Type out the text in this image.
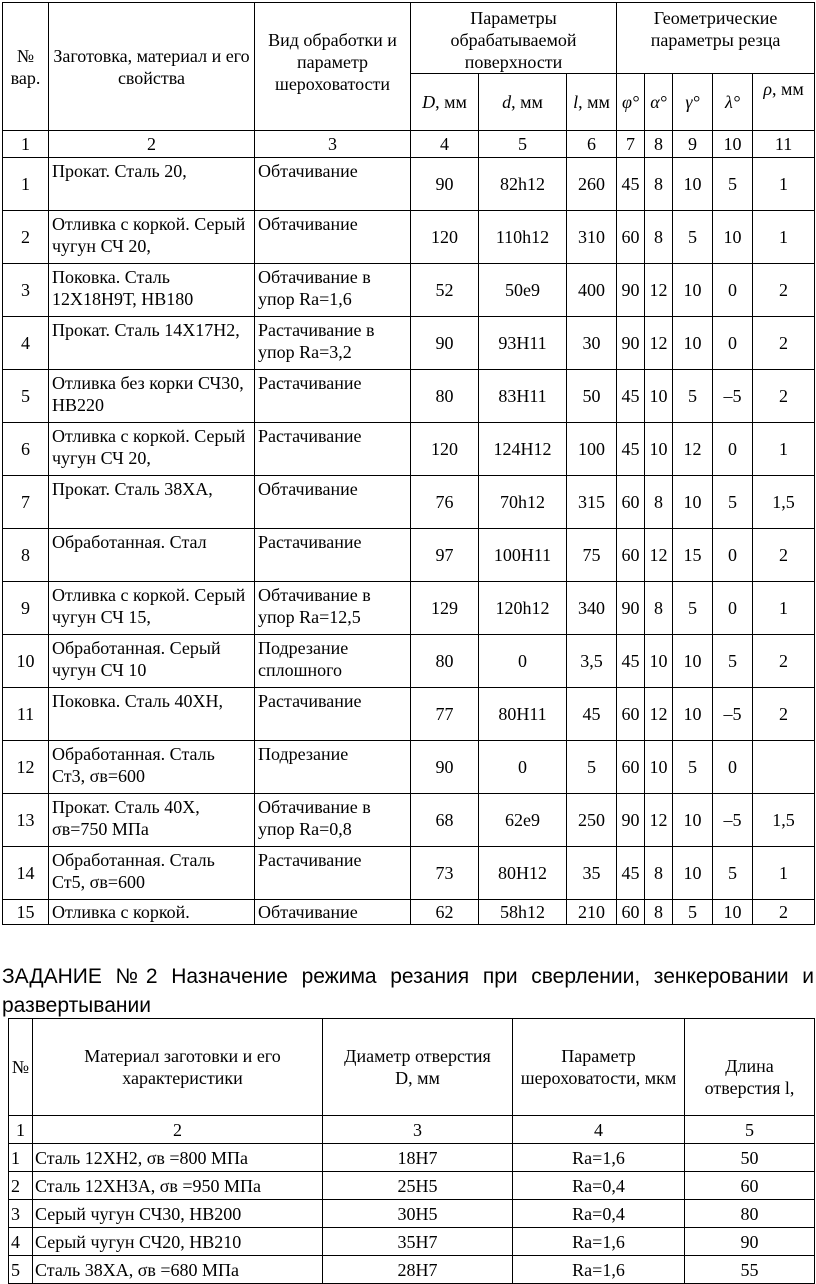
№ вар.	Заготовка, материал и его свойства	Вид обработки и параметр шероховатости	Параметры обрабатываемой поверхности			Геометрические параметры резца				
			D, мм	d, мм	l, мм	φ°	α°	γ°	λ°	ρ, мм
1	2	3	4	5	6	7	8	9	10	11
1	Прокат. Сталь 20,	Обтачивание	90	82h12	260	45	8	10	5	1
2	Отливка с коркой. Серый чугун СЧ 20,	Обтачивание	120	110h12	310	60	8	5	10	1
3	Поковка. Сталь 12Х18Н9Т, НВ180	Обтачивание в упор Ra=1,6	52	50е9	400	90	12	10	0	2
4	Прокат. Сталь 14Х17Н2,	Растачивание в упор Ra=3,2	90	93Н11	30	90	12	10	0	2
5	Отливка без корки СЧ30, НВ220	Растачивание	80	83Н11	50	45	10	5	–5	2
6	Отливка с коркой. Серый чугун СЧ 20,	Растачивание	120	124Н12	100	45	10	12	0	1
7	Прокат. Сталь 38ХА,	Обтачивание	76	70h12	315	60	8	10	5	1,5
8	Обработанная. Стал	Растачивание	97	100Н11	75	60	12	15	0	2
9	Отливка с коркой. Серый чугун СЧ 15,	Обтачивание в упор Ra=12,5	129	120h12	340	90	8	5	0	1
10	Обработанная. Серый чугун СЧ 10	Подрезание сплошного	80	0	3,5	45	10	10	5	2
11	Поковка. Сталь 40ХН,	Растачивание	77	80Н11	45	60	12	10	–5	2
12	Обработанная. Сталь Ст3, σв=600	Подрезание	90	0	5	60	10	5	0	
13	Прокат. Сталь 40Х, σв=750 МПа	Обтачивание в упор Ra=0,8	68	62е9	250	90	12	10	–5	1,5
14	Обработанная. Сталь Ст5, σв=600	Растачивание	73	80Н12	35	45	8	10	5	1
15	Отливка с коркой.	Обтачивание	62	58h12	210	60	8	5	10	2

ЗАДАНИЕ №2 Назначение режима резания при сверлении, зенкеровании и развертывании

№	Материал заготовки и его характеристики	Диаметр отверстия D, мм	Параметр шероховатости, мкм	Длина отверстия l,
1	2	3	4	5
1	Сталь 12ХН2, σв =800 МПа	18Н7	Ra=1,6	50
2	Сталь 12ХН3А, σв =950 МПа	25Н5	Ra=0,4	60
3	Серый чугун СЧ30, НВ200	30Н5	Ra=0,4	80
4	Серый чугун СЧ20, НВ210	35Н7	Ra=1,6	90
5	Сталь 38ХА, σв =680 МПа	28Н7	Ra=1,6	55
